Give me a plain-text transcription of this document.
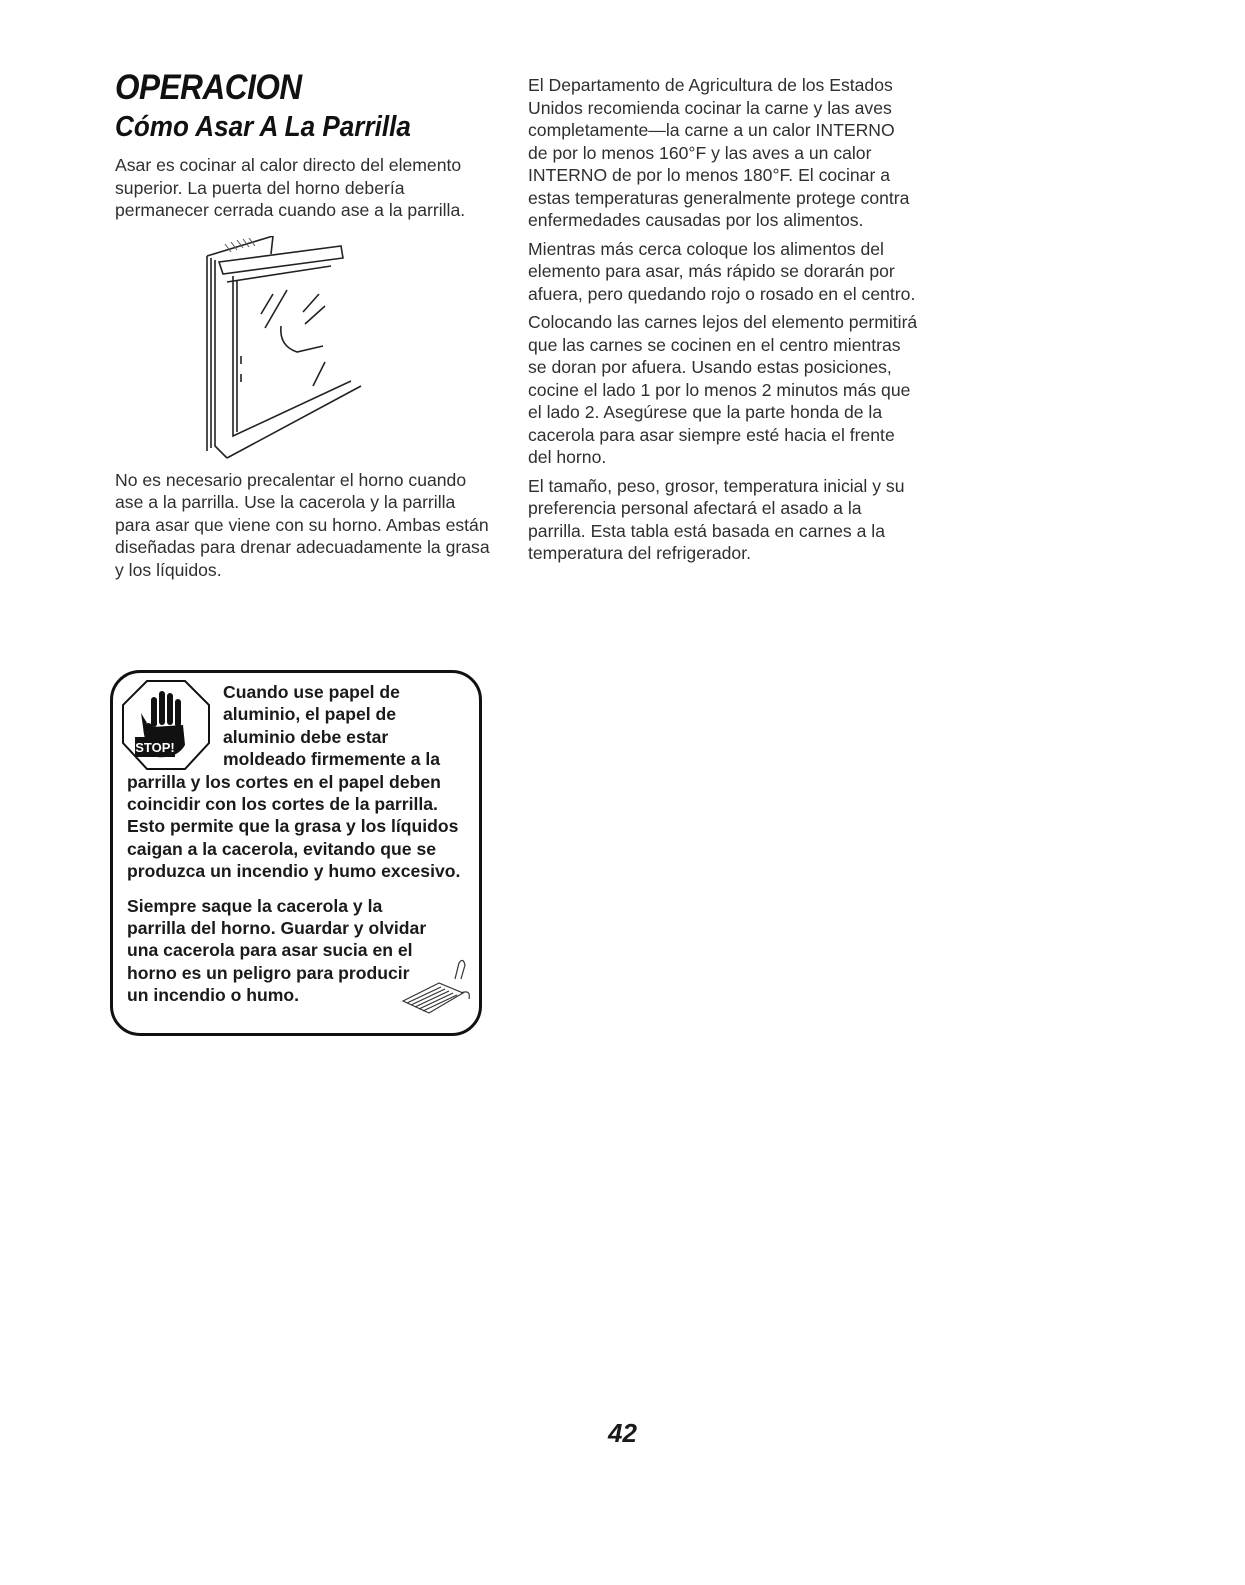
OPERACION
Cómo Asar A La Parrilla

Asar es cocinar al calor directo del elemento superior. La puerta del horno debería permanecer cerrada cuando ase a la parrilla.

No es necesario precalentar el horno cuando ase a la parrilla. Use la cacerola y la parrilla para asar que viene con su horno. Ambas están diseñadas para drenar adecuadamente la grasa y los líquidos.

STOP!

Cuando use papel de aluminio, el papel de aluminio debe estar moldeado firmemente a la

parrilla y los cortes en el papel deben coincidir con los cortes de la parrilla. Esto permite que la grasa y los líquidos caigan a la cacerola, evitando que se produzca un incendio y humo excesivo.

Siempre saque la cacerola y la parrilla del horno. Guardar y olvidar una cacerola para asar sucia en el horno es un peligro para producir un incendio o humo.

El Departamento de Agricultura de los Estados Unidos recomienda cocinar la carne y las aves completamente—la carne a un calor INTERNO de por lo menos 160°F y las aves a un calor INTERNO de por lo menos 180°F. El cocinar a estas temperaturas generalmente protege contra enfermedades causadas por los alimentos.

Mientras más cerca coloque los alimentos del elemento para asar, más rápido se dorarán por afuera, pero quedando rojo o rosado en el centro.

Colocando las carnes lejos del elemento permitirá que las carnes se cocinen en el centro mientras se doran por afuera. Usando estas posiciones, cocine el lado 1 por lo menos 2 minutos más que el lado 2. Asegúrese que la parte honda de la cacerola para asar siempre esté hacia el frente del horno.

El tamaño, peso, grosor, temperatura inicial y su preferencia personal afectará el asado a la parrilla. Esta tabla está basada en carnes a la temperatura del refrigerador.

42
